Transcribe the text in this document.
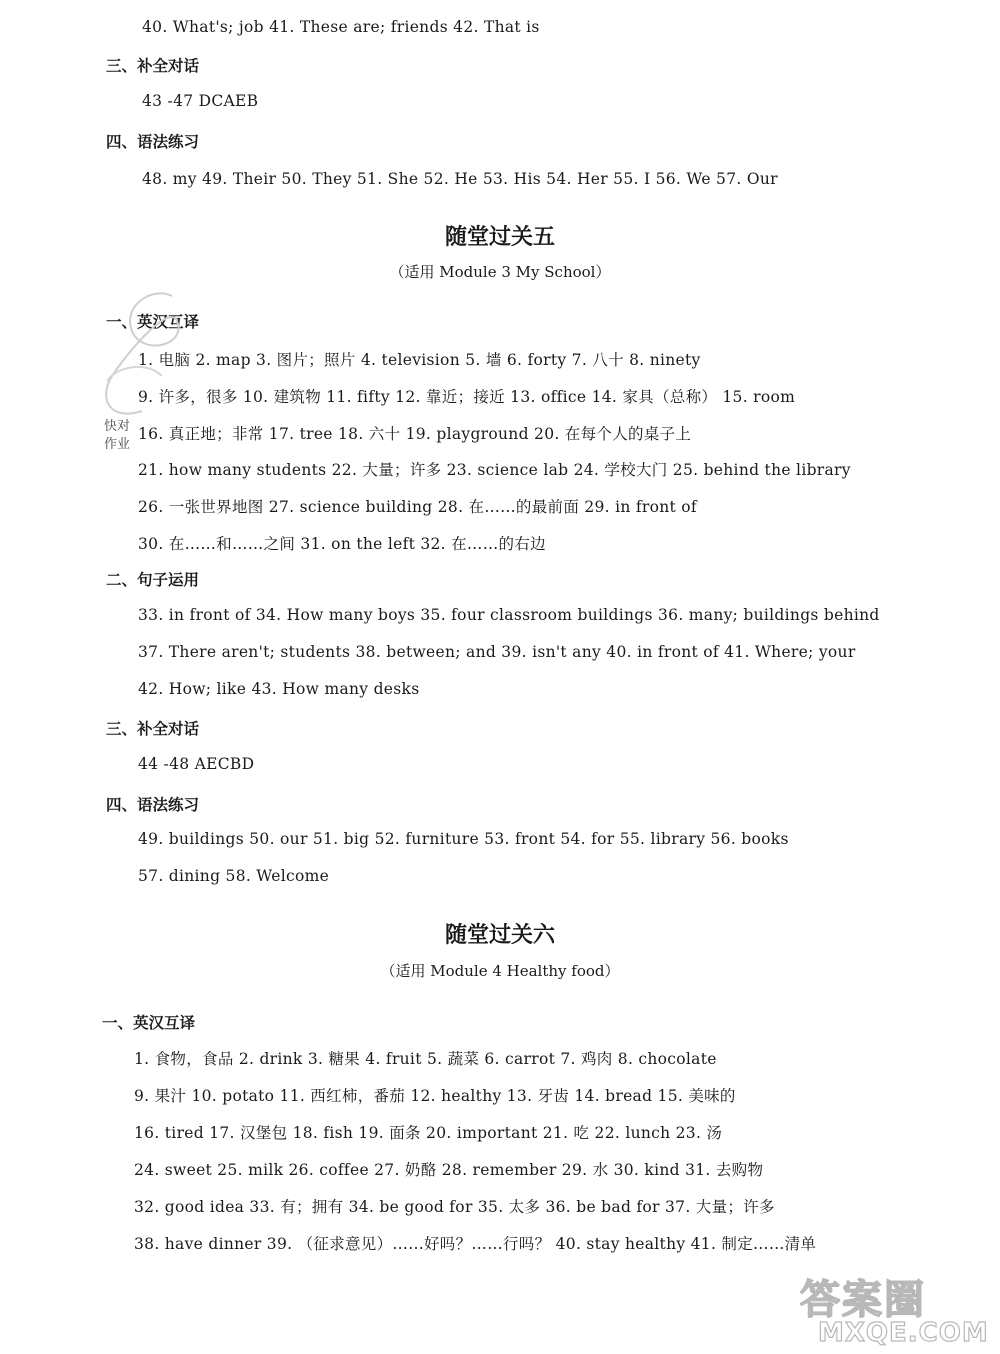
40. What's; job 41. These are; friends 42. That is
三、补全对话
43 -47 DCAEB
四、语法练习
48. my 49. Their 50. They 51. She 52. He 53. His 54. Her 55. I 56. We 57. Our
随堂过关五
（适用 Module 3 My School）
一、英汉互译
1. 电脑 2. map 3. 图片；照片 4. television 5. 墙 6. forty 7. 八十 8. ninety
9. 许多，很多 10. 建筑物 11. fifty 12. 靠近；接近 13. office 14. 家具（总称） 15. room
16. 真正地；非常 17. tree 18. 六十 19. playground 20. 在每个人的桌子上
21. how many students 22. 大量；许多 23. science lab 24. 学校大门 25. behind the library
26. 一张世界地图 27. science building 28. 在……的最前面 29. in front of
30. 在……和……之间 31. on the left 32. 在……的右边
二、句子运用
33. in front of 34. How many boys 35. four classroom buildings 36. many; buildings behind
37. There aren't; students 38. between; and 39. isn't any 40. in front of 41. Where; your
42. How; like 43. How many desks
三、补全对话
44 -48 AECBD
四、语法练习
49. buildings 50. our 51. big 52. furniture 53. front 54. for 55. library 56. books
57. dining 58. Welcome
随堂过关六
（适用 Module 4 Healthy food）
一、英汉互译
1. 食物，食品 2. drink 3. 糖果 4. fruit 5. 蔬菜 6. carrot 7. 鸡肉 8. chocolate
9. 果汁 10. potato 11. 西红柿，番茄 12. healthy 13. 牙齿 14. bread 15. 美味的
16. tired 17. 汉堡包 18. fish 19. 面条 20. important 21. 吃 22. lunch 23. 汤
24. sweet 25. milk 26. coffee 27. 奶酪 28. remember 29. 水 30. kind 31. 去购物
32. good idea 33. 有；拥有 34. be good for 35. 太多 36. be bad for 37. 大量；许多
38. have dinner 39. （征求意见）……好吗？……行吗？ 40. stay healthy 41. 制定……清单
快对作业
答案圈
MXQE.COM
